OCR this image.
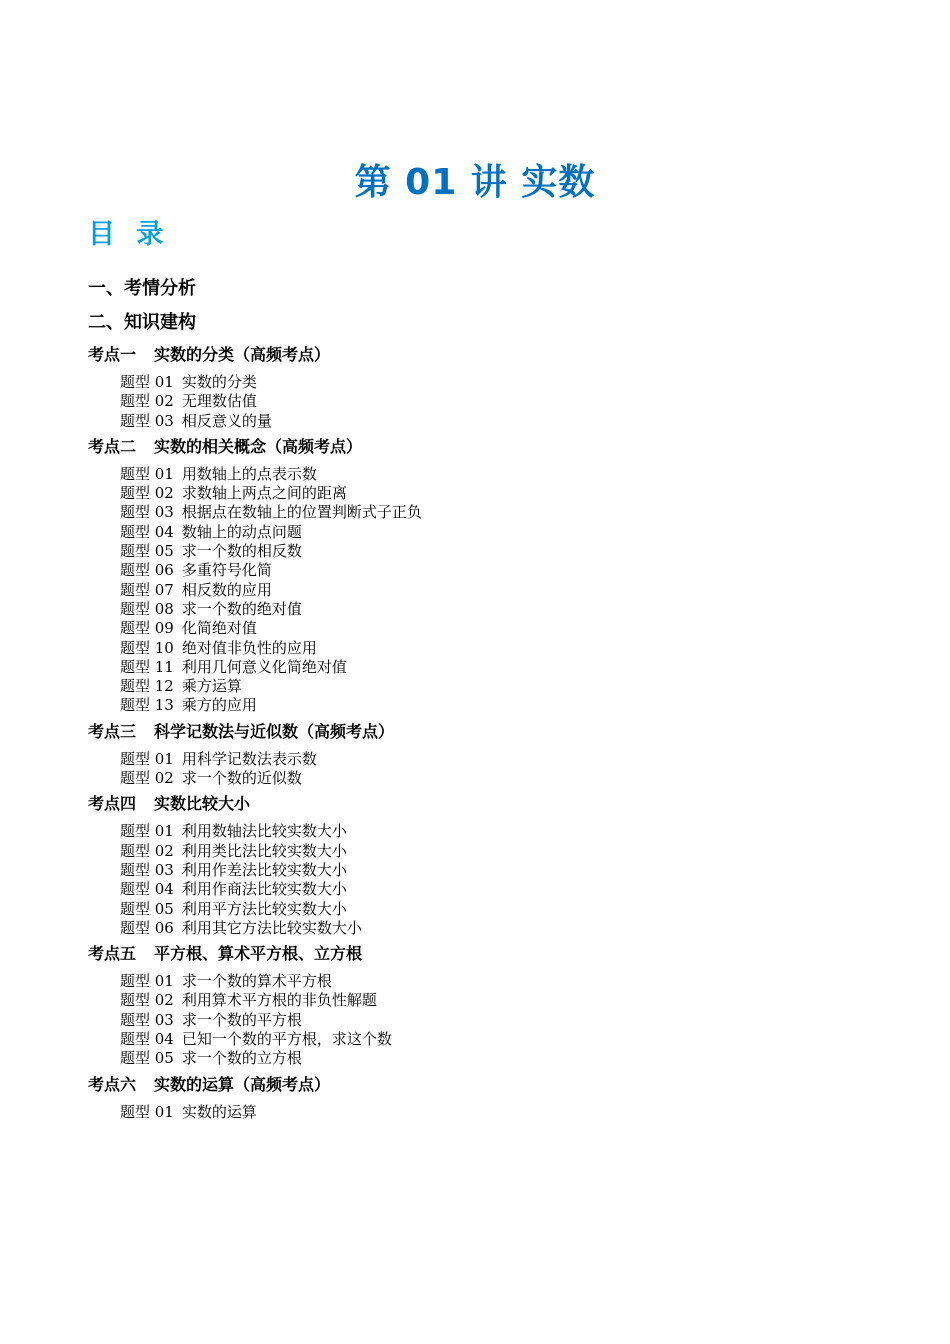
第 01 讲 实数
目 录
一、考情分析
二、知识建构
考点一 实数的分类（高频考点）
题型 01 实数的分类
题型 02 无理数估值
题型 03 相反意义的量
考点二 实数的相关概念（高频考点）
题型 01 用数轴上的点表示数
题型 02 求数轴上两点之间的距离
题型 03 根据点在数轴上的位置判断式子正负
题型 04 数轴上的动点问题
题型 05 求一个数的相反数
题型 06 多重符号化简
题型 07 相反数的应用
题型 08 求一个数的绝对值
题型 09 化简绝对值
题型 10 绝对值非负性的应用
题型 11 利用几何意义化简绝对值
题型 12 乘方运算
题型 13 乘方的应用
考点三 科学记数法与近似数（高频考点）
题型 01 用科学记数法表示数
题型 02 求一个数的近似数
考点四 实数比较大小
题型 01 利用数轴法比较实数大小
题型 02 利用类比法比较实数大小
题型 03 利用作差法比较实数大小
题型 04 利用作商法比较实数大小
题型 05 利用平方法比较实数大小
题型 06 利用其它方法比较实数大小
考点五 平方根、算术平方根、立方根
题型 01 求一个数的算术平方根
题型 02 利用算术平方根的非负性解题
题型 03 求一个数的平方根
题型 04 已知一个数的平方根，求这个数
题型 05 求一个数的立方根
考点六 实数的运算（高频考点）
题型 01 实数的运算
